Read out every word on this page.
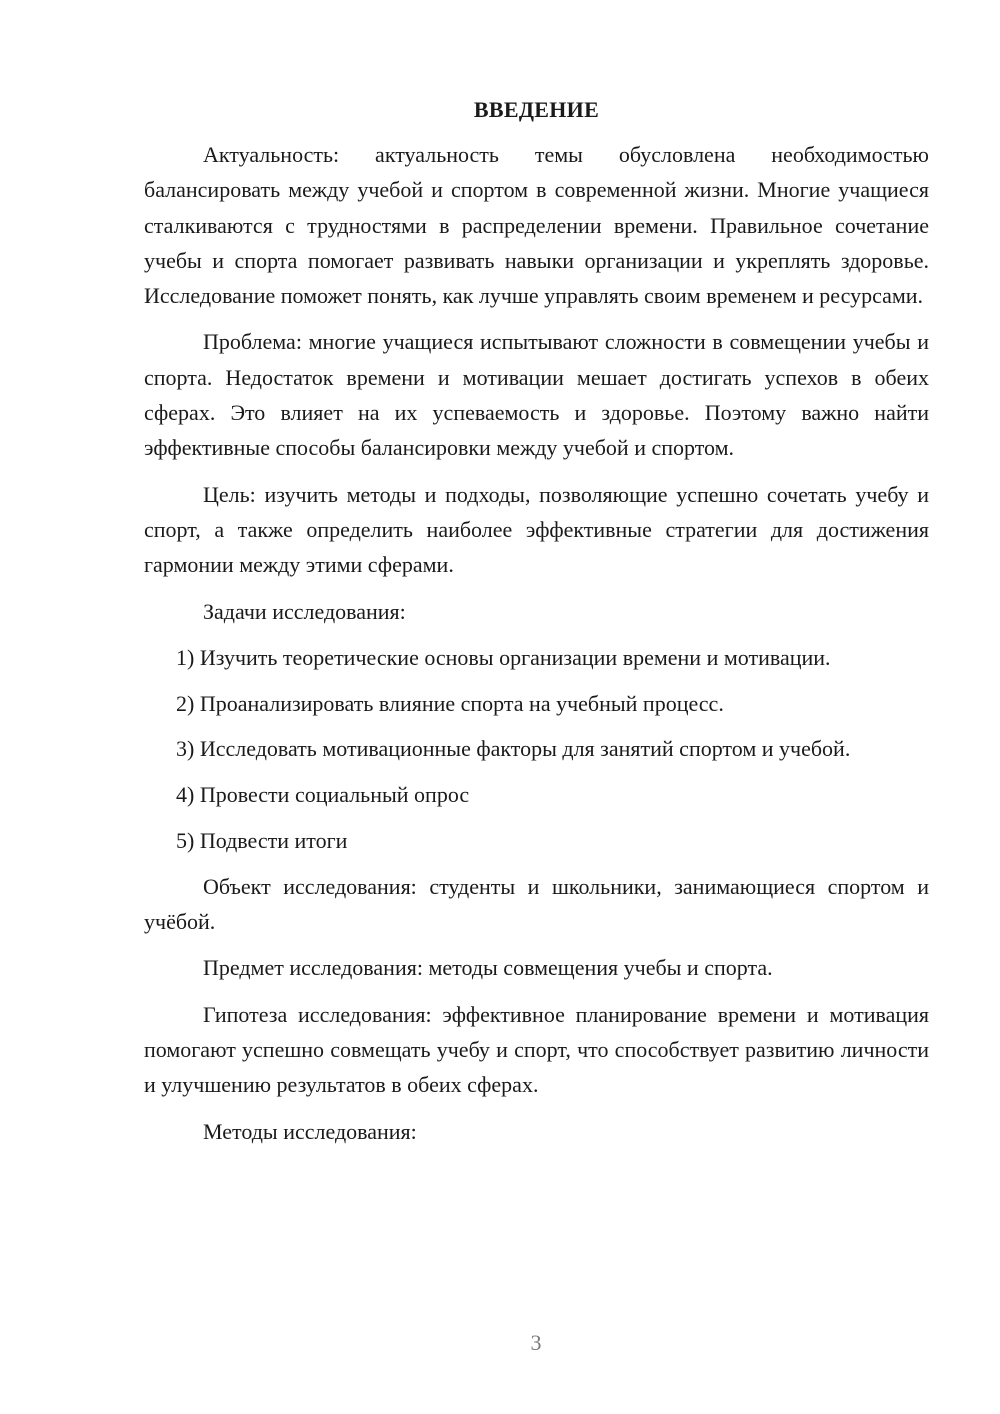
ВВЕДЕНИЕ

Актуальность: актуальность темы обусловлена необходимостью балансировать между учебой и спортом в современной жизни. Многие учащиеся сталкиваются с трудностями в распределении времени. Правильное сочетание учебы и спорта помогает развивать навыки организации и укреплять здоровье. Исследование поможет понять, как лучше управлять своим временем и ресурсами.

Проблема: многие учащиеся испытывают сложности в совмещении учебы и спорта. Недостаток времени и мотивации мешает достигать успехов в обеих сферах. Это влияет на их успеваемость и здоровье. Поэтому важно найти эффективные способы балансировки между учебой и спортом.

Цель: изучить методы и подходы, позволяющие успешно сочетать учебу и спорт, а также определить наиболее эффективные стратегии для достижения гармонии между этими сферами.

Задачи исследования:

1) Изучить теоретические основы организации времени и мотивации.

2) Проанализировать влияние спорта на учебный процесс.

3) Исследовать мотивационные факторы для занятий спортом и учебой.

4) Провести социальный опрос

5) Подвести итоги

Объект исследования: студенты и школьники, занимающиеся спортом и учёбой.

Предмет исследования: методы совмещения учебы и спорта.

Гипотеза исследования: эффективное планирование времени и мотивация помогают успешно совмещать учебу и спорт, что способствует развитию личности и улучшению результатов в обеих сферах.

Методы исследования:

3
